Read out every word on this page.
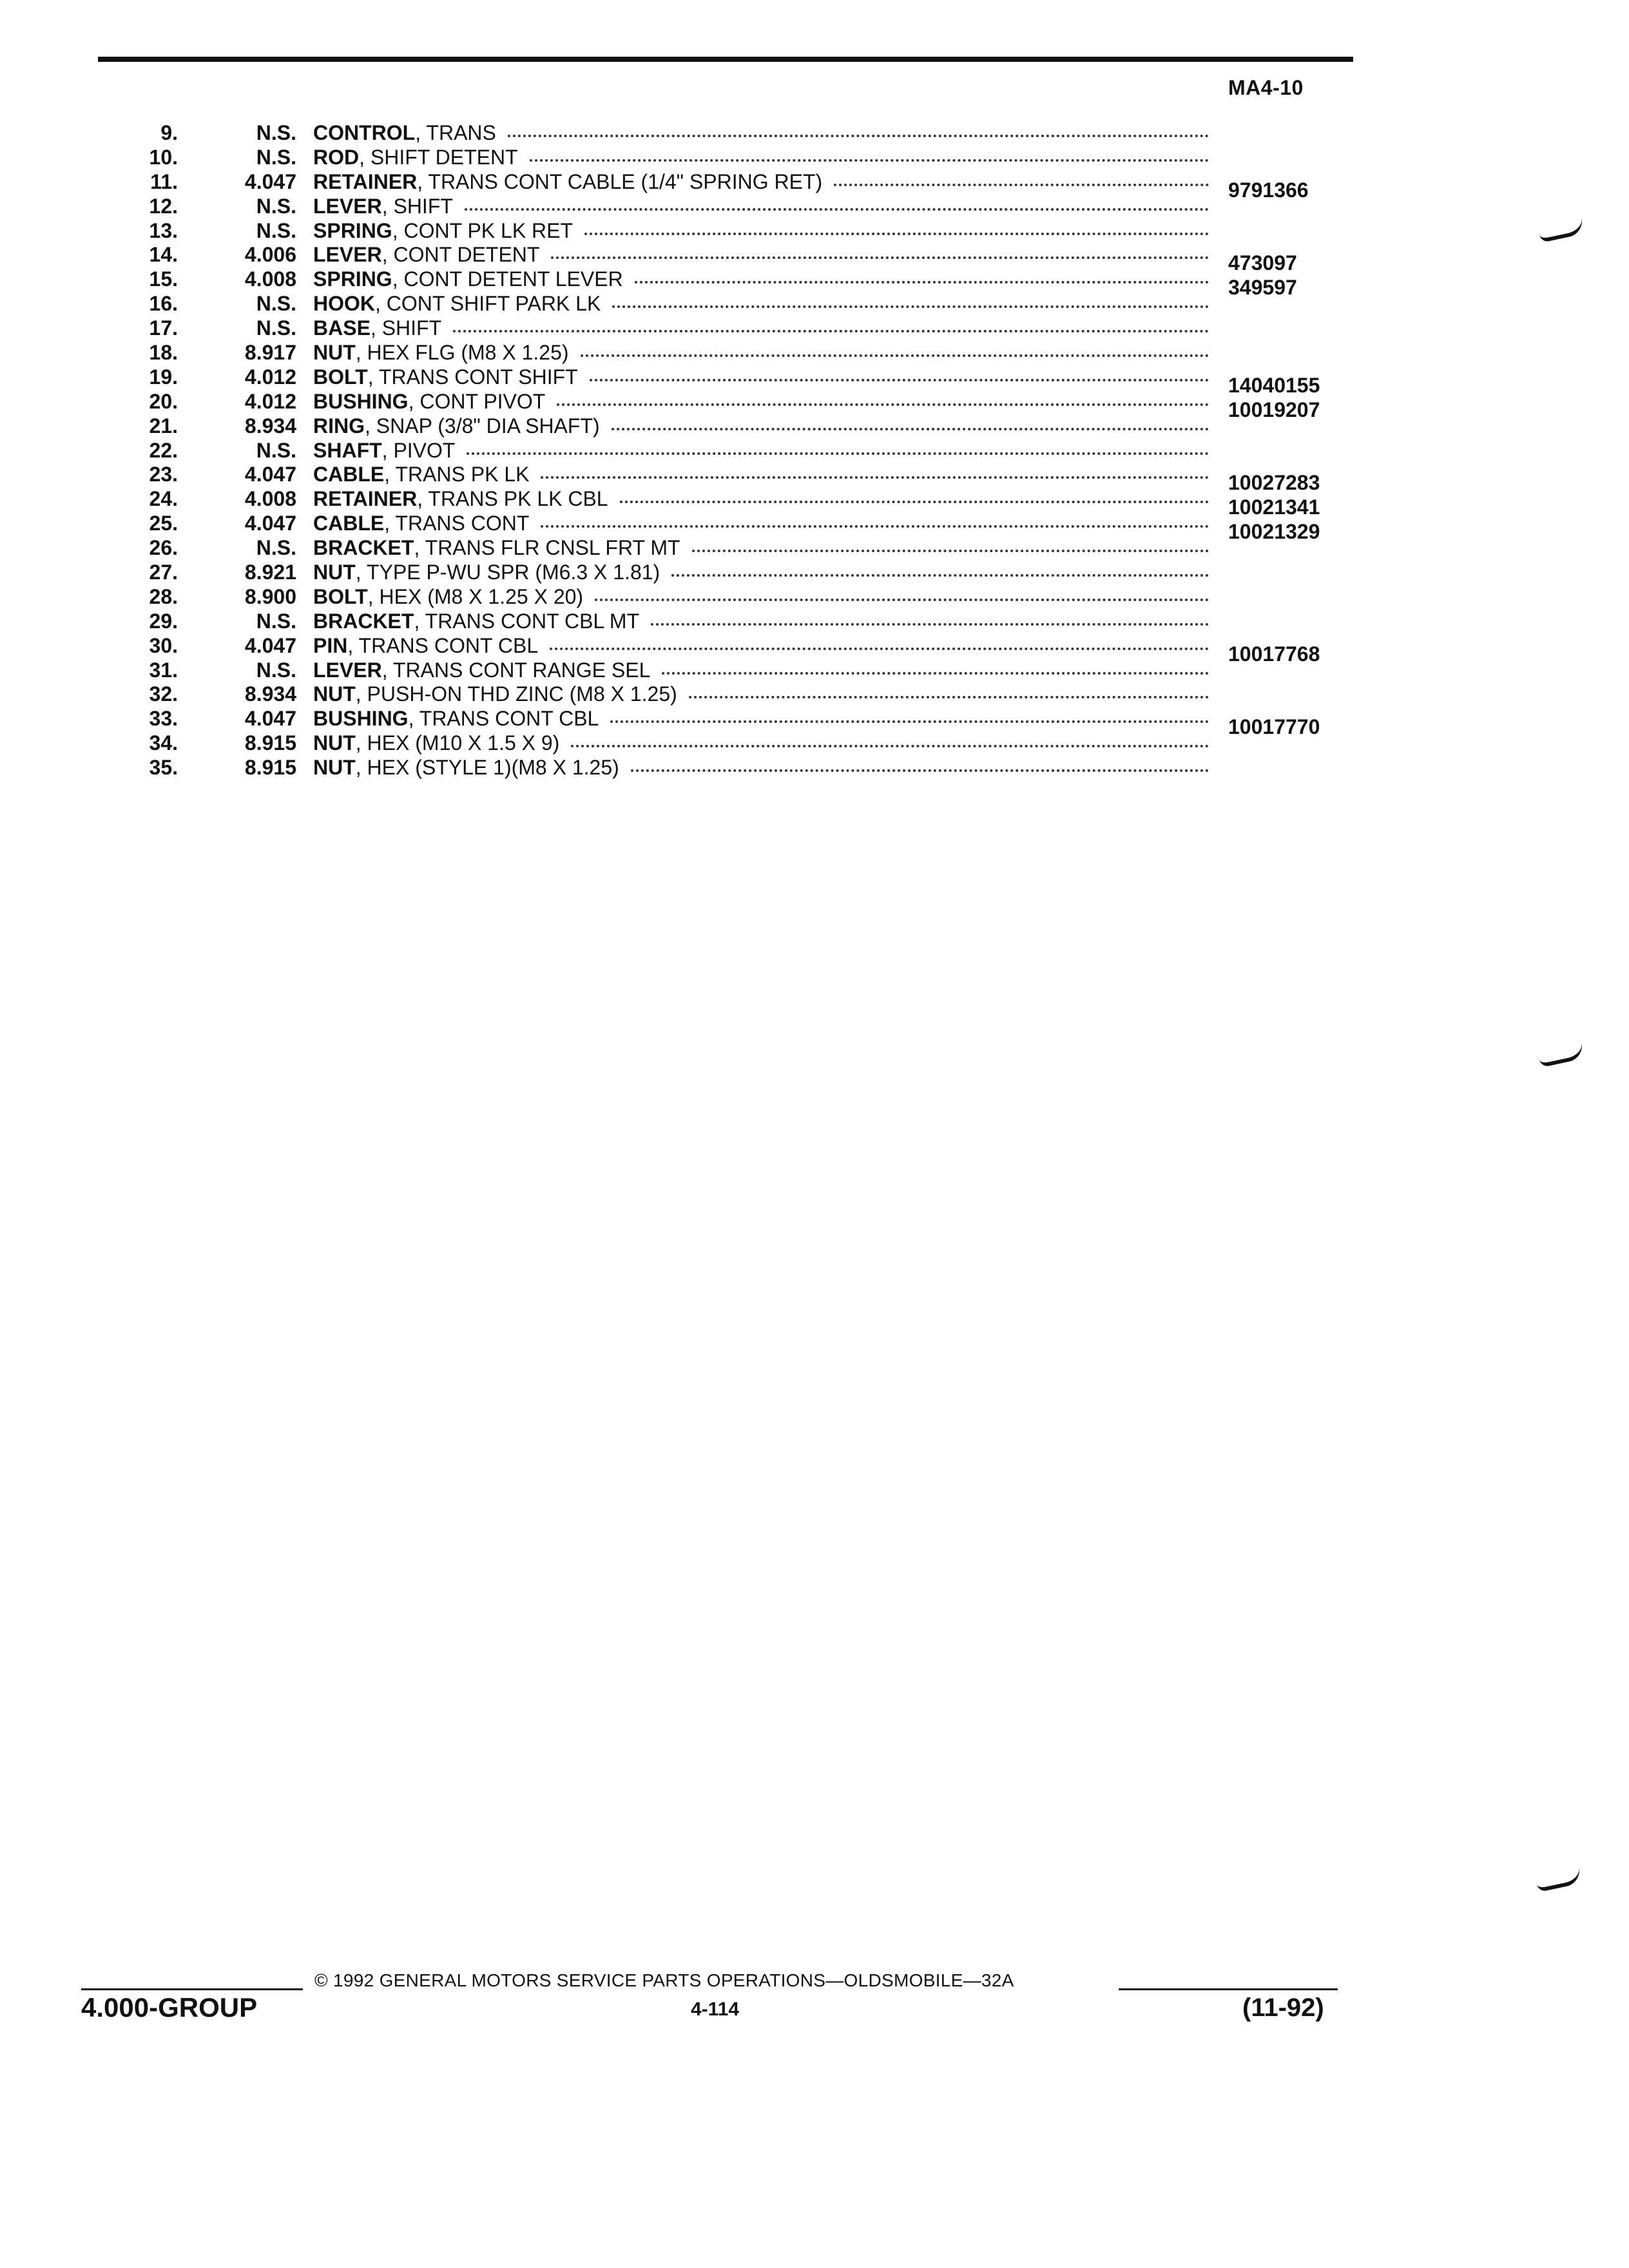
MA4-10
9.	N.S. CONTROL , TRANS
10.	N.S. ROD , SHIFT DETENT
11.	4.047 RETAINER , TRANS CONT CABLE (1/4" SPRING RET)	9791366
12.	N.S. LEVER , SHIFT
13.	N.S. SPRING , CONT PK LK RET
14.	4.006 LEVER , CONT DETENT	473097
15.	4.008 SPRING , CONT DETENT LEVER	349597
16.	N.S. HOOK , CONT SHIFT PARK LK
17.	N.S. BASE , SHIFT
18.	8.917 NUT , HEX FLG (M8 X 1.25)
19.	4.012 BOLT , TRANS CONT SHIFT	14040155
20.	4.012 BUSHING , CONT PIVOT	10019207
21.	8.934 RING , SNAP (3/8" DIA SHAFT)
22.	N.S. SHAFT , PIVOT
23.	4.047 CABLE , TRANS PK LK	10027283
24.	4.008 RETAINER , TRANS PK LK CBL	10021341
25.	4.047 CABLE , TRANS CONT	10021329
26.	N.S. BRACKET , TRANS FLR CNSL FRT MT
27.	8.921 NUT , TYPE P-WU SPR (M6.3 X 1.81)
28.	8.900 BOLT , HEX (M8 X 1.25 X 20)
29.	N.S. BRACKET , TRANS CONT CBL MT
30.	4.047 PIN , TRANS CONT CBL	10017768
31.	N.S. LEVER , TRANS CONT RANGE SEL
32.	8.934 NUT , PUSH-ON THD ZINC (M8 X 1.25)
33.	4.047 BUSHING , TRANS CONT CBL	10017770
34.	8.915 NUT , HEX (M10 X 1.5 X 9)
35.	8.915 NUT , HEX (STYLE 1)(M8 X 1.25)
© 1992 GENERAL MOTORS SERVICE PARTS OPERATIONS—OLDSMOBILE—32A
4.000-GROUP	4-114	(11-92)
